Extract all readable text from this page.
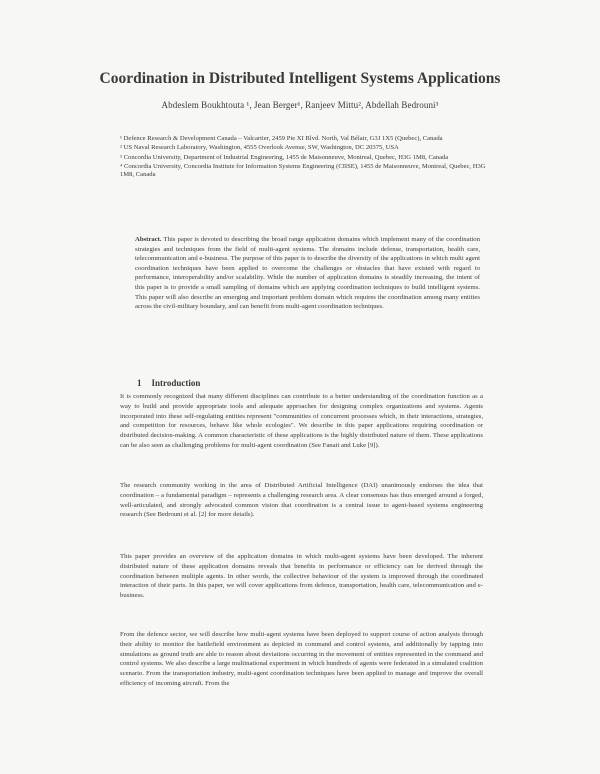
Coordination in Distributed Intelligent Systems Applications
Abdeslem Boukhtouta ¹, Jean Berger¹, Ranjeev Mittu², Abdellah Bedrouni³

¹ Defence Research & Development Canada – Valcartier, 2459 Pie XI Blvd. North, Val Bélair, G3J 1X5 (Quebec), Canada

² US Naval Research Laboratory, Washington, 4555 Overlook Avenue, SW, Washington, DC 20375, USA

³ Concordia University, Department of Industrial Engineering, 1455 de Maisonneuve, Montreal, Quebec, H3G 1M8, Canada

⁴ Concordia University, Concordia Institute for Information Systems Engineering (CIISE), 1455 de Maisonneuve, Montreal, Quebec, H3G 1M8, Canada

Abstract. This paper is devoted to describing the broad range application domains which implement many of the coordination strategies and techniques from the field of multi-agent systems. The domains include defense, transportation, health care, telecommunication and e-business. The purpose of this paper is to describe the diversity of the applications in which multi agent coordination techniques have been applied to overcome the challenges or obstacles that have existed with regard to performance, interoperability and/or scalability. While the number of application domains is steadily increasing, the intent of this paper is to provide a small sampling of domains which are applying coordination techniques to build intelligent systems. This paper will also describe an emerging and important problem domain which requires the coordination among many entities across the civil-military boundary, and can benefit from multi-agent coordination techniques.
1 Introduction

It is commonly recognized that many different disciplines can contribute to a better understanding of the coordination function as a way to build and provide appropriate tools and adequate approaches for designing complex organizations and systems. Agents incorporated into these self-regulating entities represent "communities of concurrent processes which, in their interactions, strategies, and competition for resources, behave like whole ecologies". We describe in this paper applications requiring coordination or distributed decision-making. A common characteristic of these applications is the highly distributed nature of them. These applications can be also seen as challenging problems for multi-agent coordination (See Fanait and Luke [9]).

The research community working in the area of Distributed Artificial Intelligence (DAI) unanimously endorses the idea that coordination – a fundamental paradigm – represents a challenging research area. A clear consensus has thus emerged around a forged, well-articulated, and strongly advocated common vision that coordination is a central issue to agent-based systems engineering research (See Bedrouni et al. [2] for more details).

This paper provides an overview of the application domains in which multi-agent systems have been developed. The inherent distributed nature of these application domains reveals that benefits in performance or efficiency can be derived through the coordination between multiple agents. In other words, the collective behaviour of the system is improved through the coordinated interaction of their parts. In this paper, we will cover applications from defence, transportation, health care, telecommunication and e-business.

From the defence sector, we will describe how multi-agent systems have been deployed to support course of action analysis through their ability to monitor the battlefield environment as depicted in command and control systems, and additionally by tapping into simulations as ground truth are able to reason about deviations occurring in the movement of entities represented in the command and control systems. We also describe a large multinational experiment in which hundreds of agents were federated in a simulated coalition scenario. From the transportation industry, multi-agent coordination techniques have been applied to manage and improve the overall efficiency of incoming aircraft. From the
